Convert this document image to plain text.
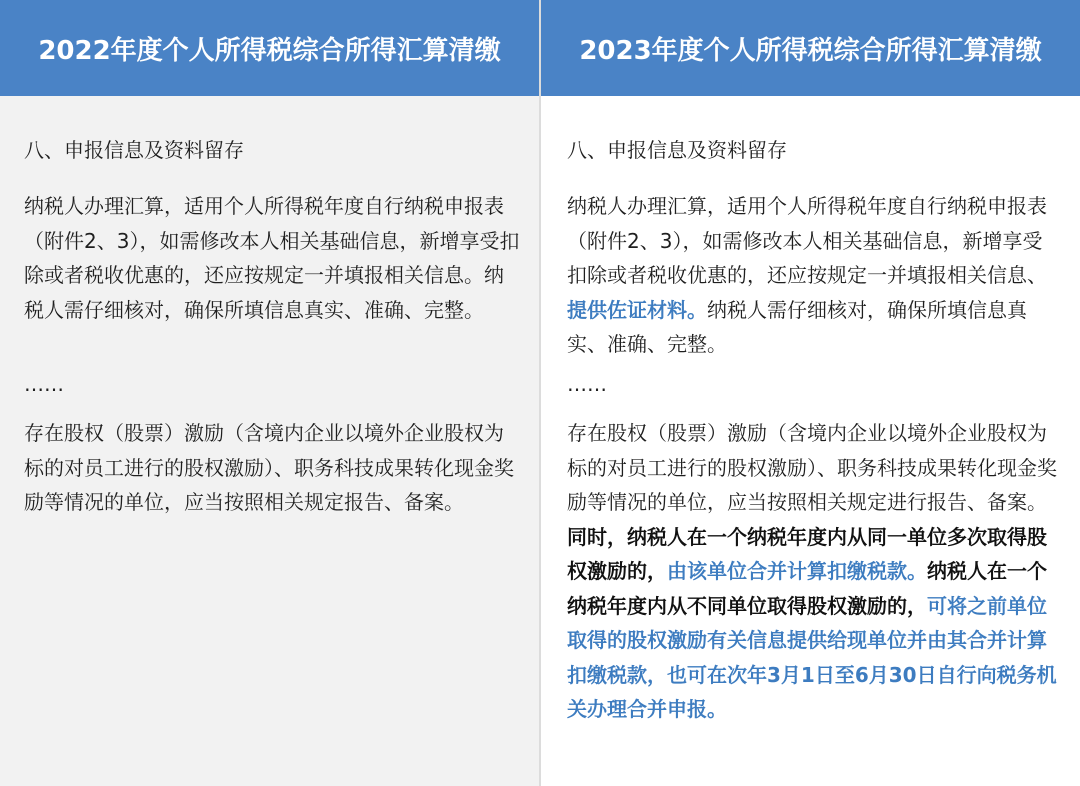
2022年度个人所得税综合所得汇算清缴	2023年度个人所得税综合所得汇算清缴

八、申报信息及资料留存

纳税人办理汇算，适用个人所得税年度自行纳税申报表（附件2、3），如需修改本人相关基础信息，新增享受扣除或者税收优惠的，还应按规定一并填报相关信息。纳税人需仔细核对，确保所填信息真实、准确、完整。

……

存在股权（股票）激励（含境内企业以境外企业股权为标的对员工进行的股权激励）、职务科技成果转化现金奖励等情况的单位，应当按照相关规定报告、备案。

八、申报信息及资料留存

纳税人办理汇算，适用个人所得税年度自行纳税申报表（附件2、3），如需修改本人相关基础信息，新增享受扣除或者税收优惠的，还应按规定一并填报相关信息、提供佐证材料。纳税人需仔细核对，确保所填信息真实、准确、完整。

……

存在股权（股票）激励（含境内企业以境外企业股权为标的对员工进行的股权激励）、职务科技成果转化现金奖励等情况的单位，应当按照相关规定进行报告、备案。同时，纳税人在一个纳税年度内从同一单位多次取得股权激励的，由该单位合并计算扣缴税款。纳税人在一个纳税年度内从不同单位取得股权激励的，可将之前单位取得的股权激励有关信息提供给现单位并由其合并计算扣缴税款，也可在次年3月1日至6月30日自行向税务机关办理合并申报。
